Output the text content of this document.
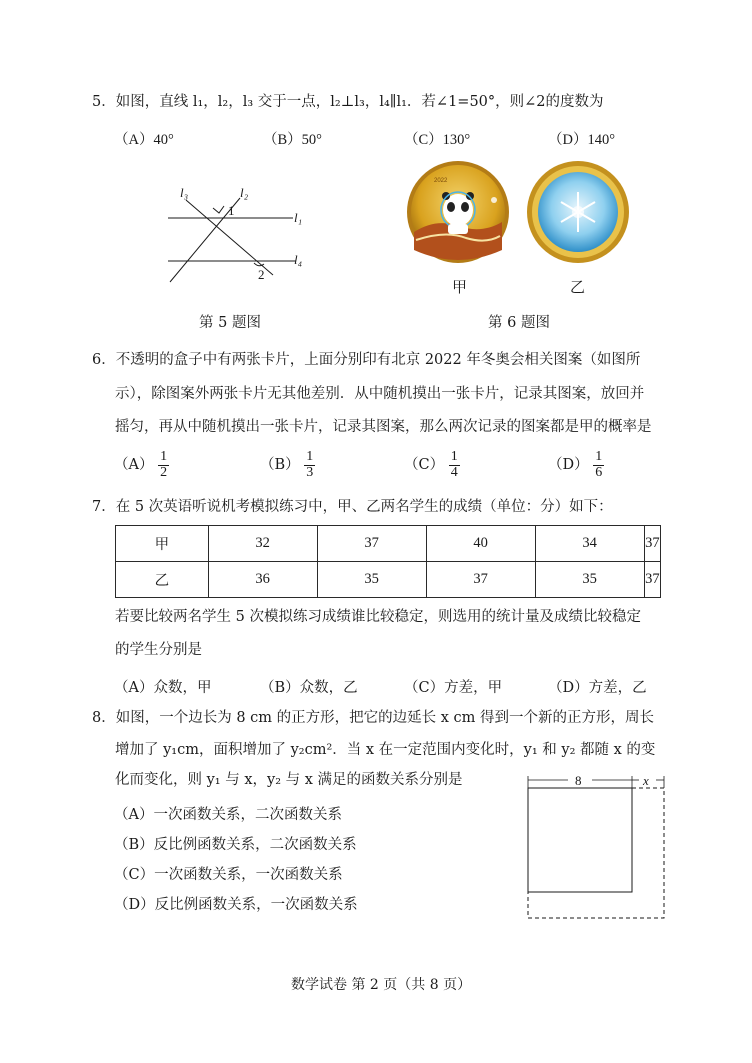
5．如图，直线 l₁，l₂，l₃ 交于一点，l₂⊥l₃，l₄∥l₁．若∠1=50°，则∠2的度数为
（A）40°	（B）50°	（C）130°	（D）140°
l₃	l₂
l₁
l₄
1
2
第 5 题图
2022
甲	乙
第 6 题图
6．不透明的盒子中有两张卡片，上面分别印有北京 2022 年冬奥会相关图案（如图所
示），除图案外两张卡片无其他差别．从中随机摸出一张卡片，记录其图案，放回并
摇匀，再从中随机摸出一张卡片，记录其图案，那么两次记录的图案都是甲的概率是
$(A) \frac{1}{2}$	$(B) \frac{1}{3}$	$(C) \frac{1}{4}$	$(D) \frac{1}{6}$
7．在 5 次英语听说机考模拟练习中，甲、乙两名学生的成绩（单位：分）如下：
甲	32	37	40	34	37
乙	36	35	37	35	37
若要比较两名学生 5 次模拟练习成绩谁比较稳定，则选用的统计量及成绩比较稳定
的学生分别是
（A）众数，甲	（B）众数，乙	（C）方差，甲	（D）方差，乙
8．如图，一个边长为 8 cm 的正方形，把它的边延长 x cm 得到一个新的正方形，周长
增加了 y₁cm，面积增加了 y₂cm²．当 x 在一定范围内变化时，y₁ 和 y₂ 都随 x 的变
化而变化，则 y₁ 与 x，y₂ 与 x 满足的函数关系分别是
（A）一次函数关系，二次函数关系
（B）反比例函数关系，二次函数关系
（C）一次函数关系，一次函数关系
（D）反比例函数关系，一次函数关系
8	x
数学试卷 第 2 页（共 8 页）
